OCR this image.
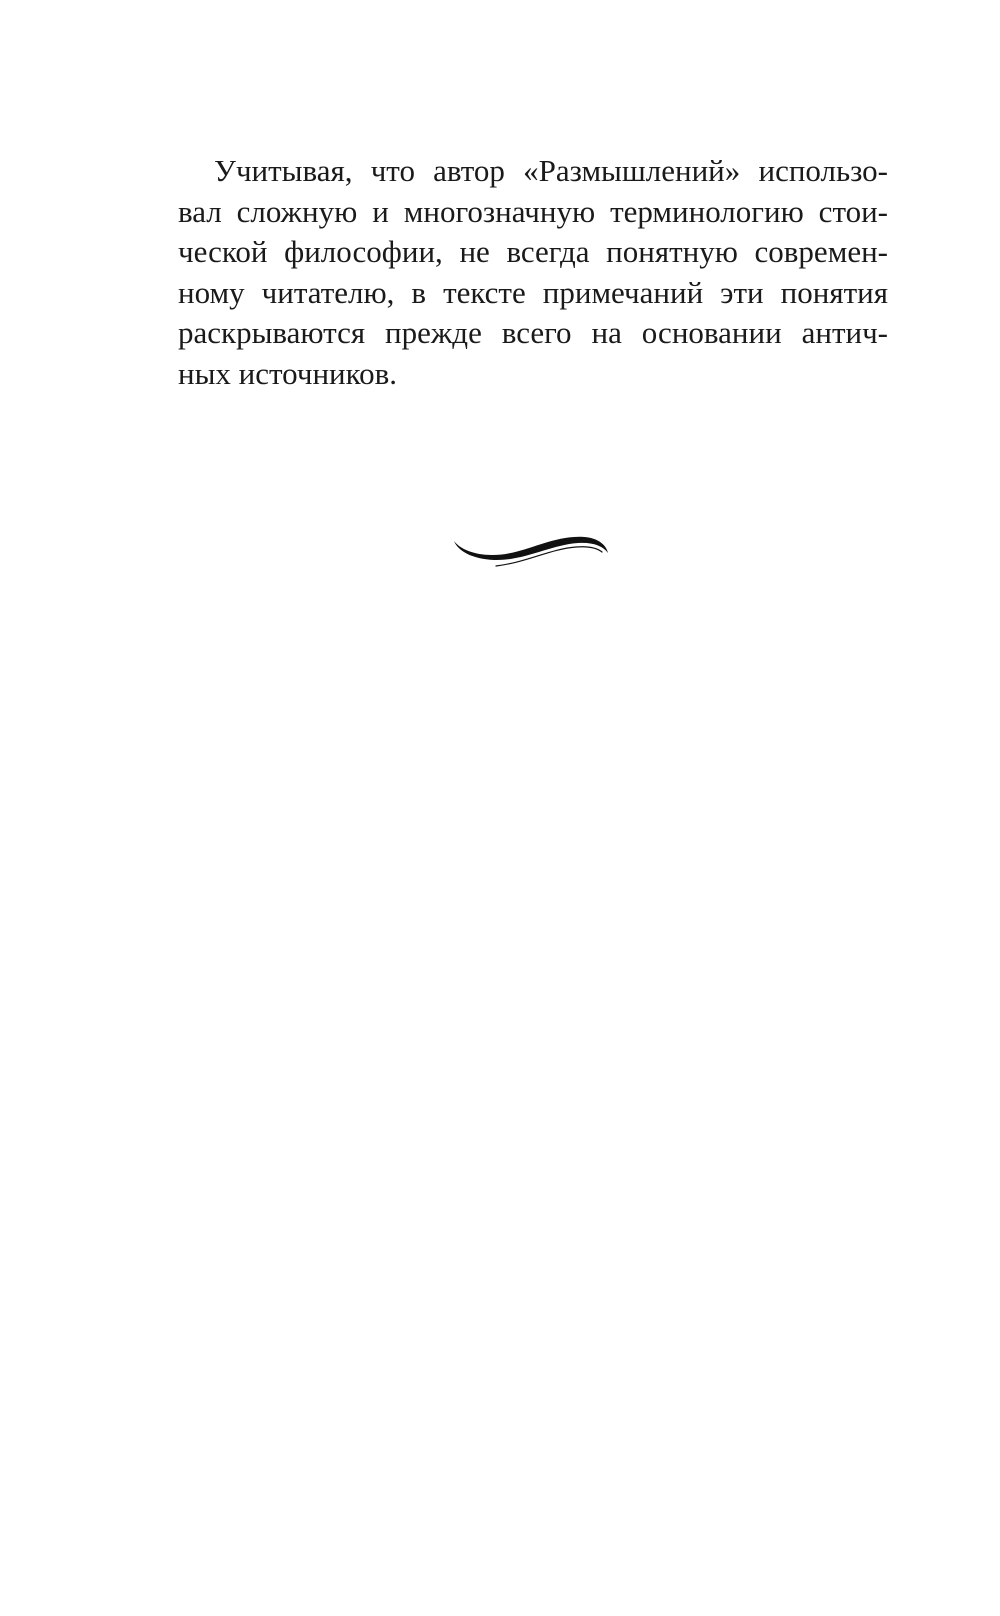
Учитывая, что автор «Размышлений» использо-
вал сложную и многозначную терминологию стои-
ческой философии, не всегда понятную современ-
ному читателю, в тексте примечаний эти понятия
раскрываются прежде всего на основании антич-
ных источников.
